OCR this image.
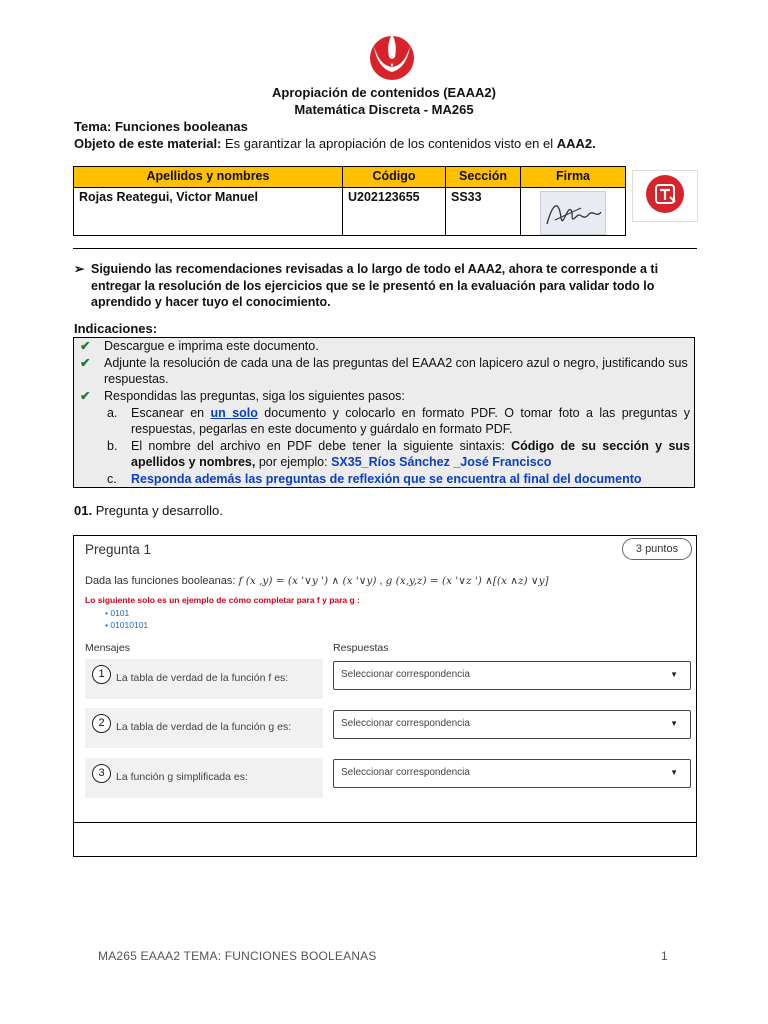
Apropiación de contenidos (EAAA2)
Matemática Discreta - MA265
Tema: Funciones booleanas
Objeto de este material: Es garantizar la apropiación de los contenidos visto en el AAA2.
Apellidos y nombres	Código	Sección	Firma
Rojas Reategui, Victor Manuel	U202123655	SS33	
➢ Siguiendo las recomendaciones revisadas a lo largo de todo el AAA2, ahora te corresponde a ti entregar la resolución de los ejercicios que se le presentó en la evaluación para validar todo lo aprendido y hacer tuyo el conocimiento.
Indicaciones:
✔ Descargue e imprima este documento.
✔ Adjunte la resolución de cada una de las preguntas del EAAA2 con lapicero azul o negro, justificando sus respuestas.
✔ Respondidas las preguntas, siga los siguientes pasos:
a. Escanear en un solo documento y colocarlo en formato PDF. O tomar foto a las preguntas y respuestas, pegarlas en este documento y guárdalo en formato PDF.
b. El nombre del archivo en PDF debe tener la siguiente sintaxis: Código de su sección y sus apellidos y nombres, por ejemplo: SX35_Ríos Sánchez _José Francisco
c. Responda además las preguntas de reflexión que se encuentra al final del documento
01. Pregunta y desarrollo.
Pregunta 1	3 puntos
Dada las funciones booleanas: f (x ,y) = (x '∨y ') ∧ (x '∨y) , g (x,y,z) = (x '∨z ') ∧[(x ∧z) ∨y]
Lo siguiente solo es un ejemplo de cómo completar para f y para g :
• 0101
• 01010101
Mensajes	Respuestas
1	La tabla de verdad de la función f es:	Seleccionar correspondencia	▼
2	La tabla de verdad de la función g es:	Seleccionar correspondencia	▼
3	La función g simplificada es:	Seleccionar correspondencia	▼
MA265 EAAA2 TEMA: FUNCIONES BOOLEANAS	1
